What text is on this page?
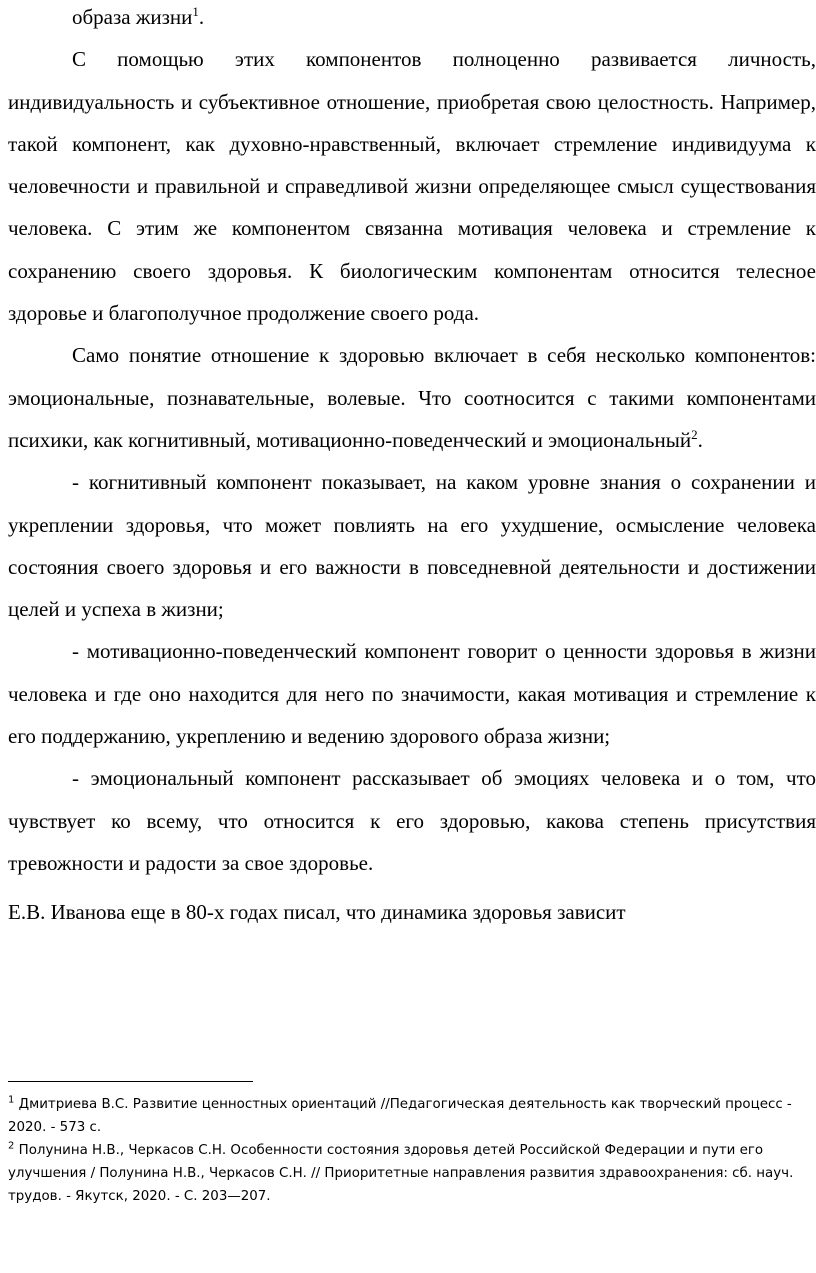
образа жизни$^1$.

С помощью этих компонентов полноценно развивается личность, индивидуальность и субъективное отношение, приобретая свою целостность. Например, такой компонент, как духовно-нравственный, включает стремление индивидуума к человечности и правильной и справедливой жизни определяющее смысл существования человека. С этим же компонентом связанна мотивация человека и стремление к сохранению своего здоровья. К биологическим компонентам относится телесное здоровье и благополучное продолжение своего рода.

Само понятие отношение к здоровью включает в себя несколько компонентов: эмоциональные, познавательные, волевые. Что соотносится с такими компонентами психики, как когнитивный, мотивационно-поведенческий и эмоциональный$^2$.

- когнитивный компонент показывает, на каком уровне знания о сохранении и укреплении здоровья, что может повлиять на его ухудшение, осмысление человека состояния своего здоровья и его важности в повседневной деятельности и достижении целей и успеха в жизни;

- мотивационно-поведенческий компонент говорит о ценности здоровья в жизни человека и где оно находится для него по значимости, какая мотивация и стремление к его поддержанию, укреплению и ведению здорового образа жизни;

- эмоциональный компонент рассказывает об эмоциях человека и о том, что чувствует ко всему, что относится к его здоровью, какова степень присутствия тревожности и радости за свое здоровье.

Е.В. Иванова еще в 80-х годах писал, что динамика здоровья зависит

$^1$ Дмитриева В.С. Развитие ценностных ориентаций //Педагогическая деятельность как творческий процесс - 2020. - 573 с.

$^2$ Полунина Н.В., Черкасов С.Н. Особенности состояния здоровья детей Российской Федерации и пути его улучшения / Полунина Н.В., Черкасов С.Н. // Приоритетные направления развития здравоохранения: сб. науч. трудов. - Якутск, 2020. - С. 203—207.
